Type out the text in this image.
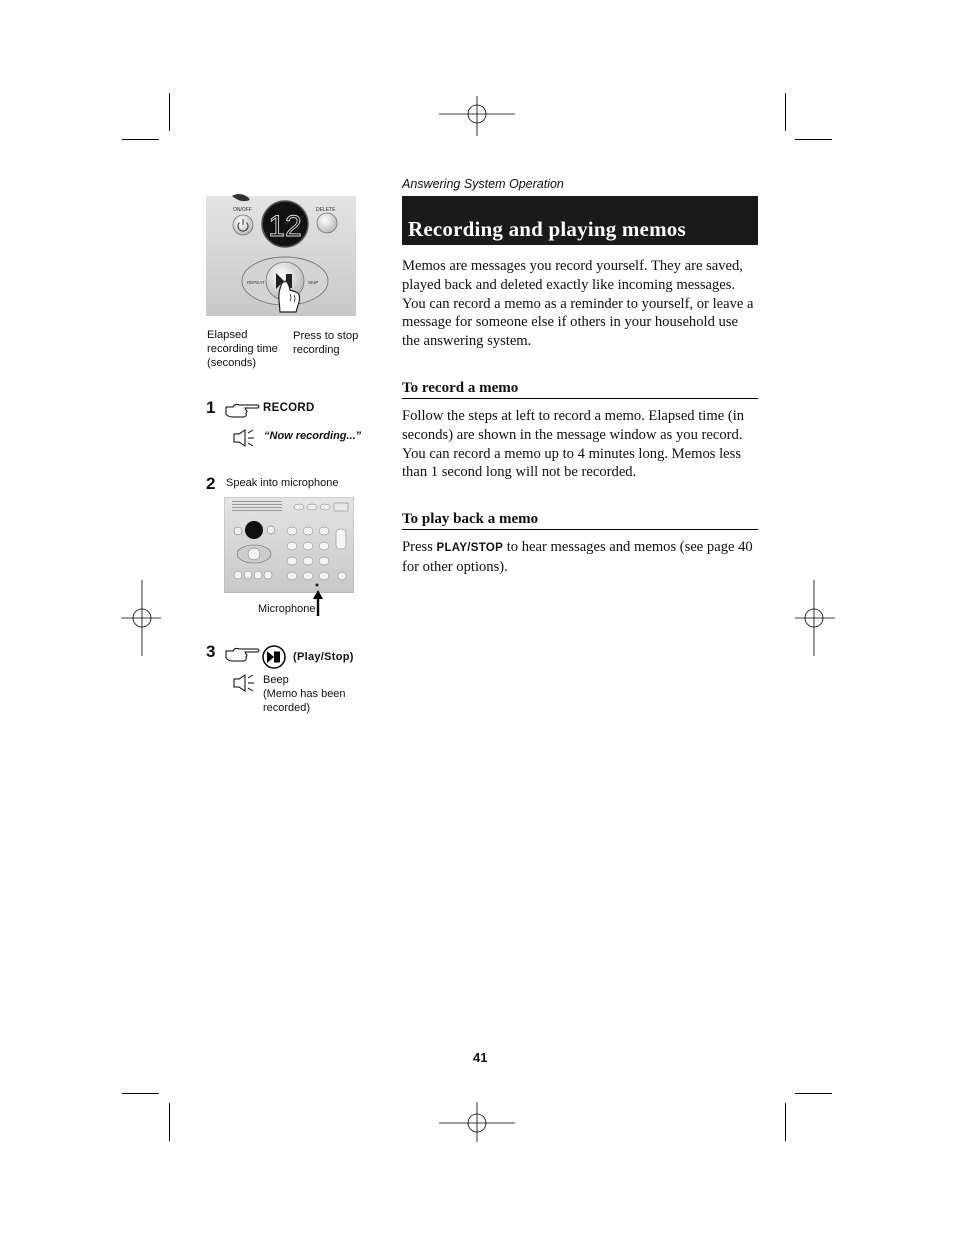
Answering System Operation
Recording and playing memos
Memos are messages you record yourself. They are saved, played back and deleted exactly like incoming messages. You can record a memo as a reminder to yourself, or leave a message for someone else if others in your household use the answering system.
To record a memo
Follow the steps at left to record a memo. Elapsed time (in seconds) are shown in the message window as you record. You can record a memo up to 4 minutes long. Memos less than 1 second long will not be recorded.
To play back a memo
Press PLAY/STOP to hear messages and memos (see page 40 for other options).
ON/OFF	DELETE
REPEAT	SKIP
12
Elapsed recording time (seconds)
Press to stop recording
1	RECORD
“Now recording...”
2 Speak into microphone
Microphone
3	(Play/Stop)
Beep
(Memo has been
recorded)
41
